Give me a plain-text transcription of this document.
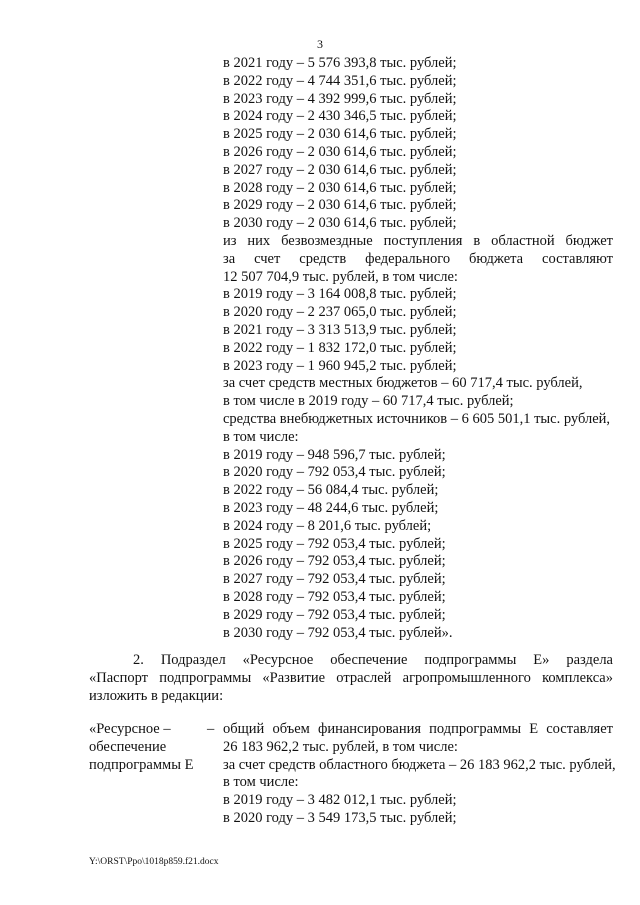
3
в 2021 году – 5 576 393,8 тыс. рублей;
в 2022 году – 4 744 351,6 тыс. рублей;
в 2023 году – 4 392 999,6 тыс. рублей;
в 2024 году – 2 430 346,5 тыс. рублей;
в 2025 году – 2 030 614,6 тыс. рублей;
в 2026 году – 2 030 614,6 тыс. рублей;
в 2027 году – 2 030 614,6 тыс. рублей;
в 2028 году – 2 030 614,6 тыс. рублей;
в 2029 году – 2 030 614,6 тыс. рублей;
в 2030 году – 2 030 614,6 тыс. рублей;
из них безвозмездные поступления в областной бюджет
за счет средств федерального бюджета составляют
12 507 704,9 тыс. рублей, в том числе:
в 2019 году – 3 164 008,8 тыс. рублей;
в 2020 году – 2 237 065,0 тыс. рублей;
в 2021 году – 3 313 513,9 тыс. рублей;
в 2022 году – 1 832 172,0 тыс. рублей;
в 2023 году – 1 960 945,2 тыс. рублей;
за счет средств местных бюджетов – 60 717,4 тыс. рублей,
в том числе в 2019 году – 60 717,4 тыс. рублей;
средства внебюджетных источников – 6 605 501,1 тыс. рублей,
в том числе:
в 2019 году – 948 596,7 тыс. рублей;
в 2020 году – 792 053,4 тыс. рублей;
в 2022 году – 56 084,4 тыс. рублей;
в 2023 году – 48 244,6 тыс. рублей;
в 2024 году – 8 201,6 тыс. рублей;
в 2025 году – 792 053,4 тыс. рублей;
в 2026 году – 792 053,4 тыс. рублей;
в 2027 году – 792 053,4 тыс. рублей;
в 2028 году – 792 053,4 тыс. рублей;
в 2029 году – 792 053,4 тыс. рублей;
в 2030 году – 792 053,4 тыс. рублей».
2. Подраздел «Ресурсное обеспечение подпрограммы Е» раздела
«Паспорт подпрограммы «Развитие отраслей агропромышленного комплекса»
изложить в редакции:
«Ресурсное –
обеспечение
подпрограммы Е
– общий объем финансирования подпрограммы Е составляет
26 183 962,2 тыс. рублей, в том числе:
за счет средств областного бюджета – 26 183 962,2 тыс. рублей,
в том числе:
в 2019 году – 3 482 012,1 тыс. рублей;
в 2020 году – 3 549 173,5 тыс. рублей;
Y:\ORST\Ppo\1018p859.f21.docx
